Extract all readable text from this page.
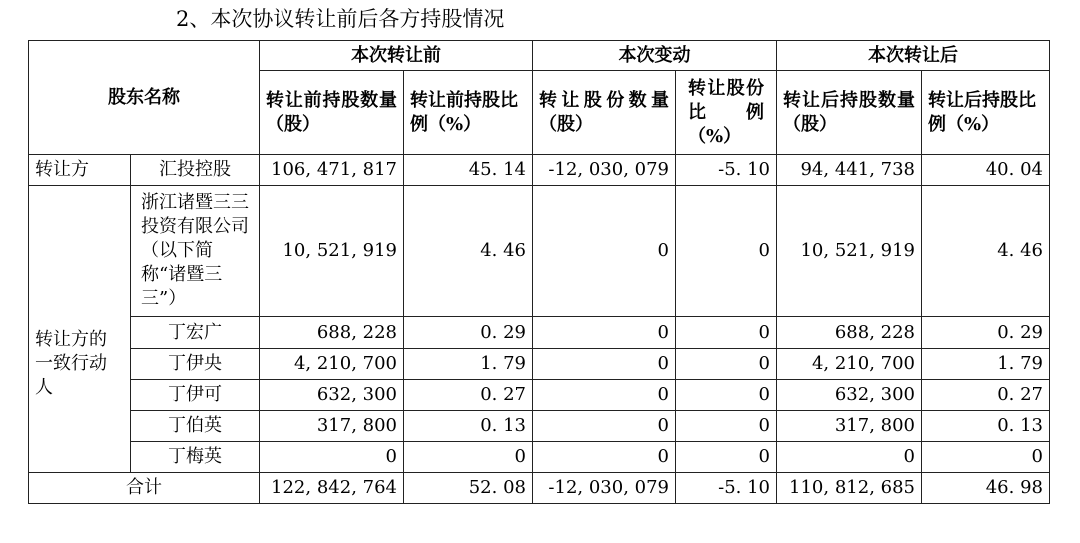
2、本次协议转让前后各方持股情况
股东名称		本次转让前		本次变动		本次转让后	
		转让前持股数量（股）	转让前持股比例（%）	转让股份数量（股）	转让股份比例（%）	转让后持股数量（股）	转让后持股比例（%）
转让方	汇投控股	106, 471, 817	45. 14	-12, 030, 079	-5. 10	94, 441, 738	40. 04
转让方的一致行动人	浙江诸暨三三投资有限公司（以下简称“诸暨三三”）	10, 521, 919	4. 46	0	0	10, 521, 919	4. 46
	丁宏广	688, 228	0. 29	0	0	688, 228	0. 29
	丁伊央	4, 210, 700	1. 79	0	0	4, 210, 700	1. 79
	丁伊可	632, 300	0. 27	0	0	632, 300	0. 27
	丁伯英	317, 800	0. 13	0	0	317, 800	0. 13
	丁梅英	0	0	0	0	0	0
合计		122, 842, 764	52. 08	-12, 030, 079	-5. 10	110, 812, 685	46. 98
